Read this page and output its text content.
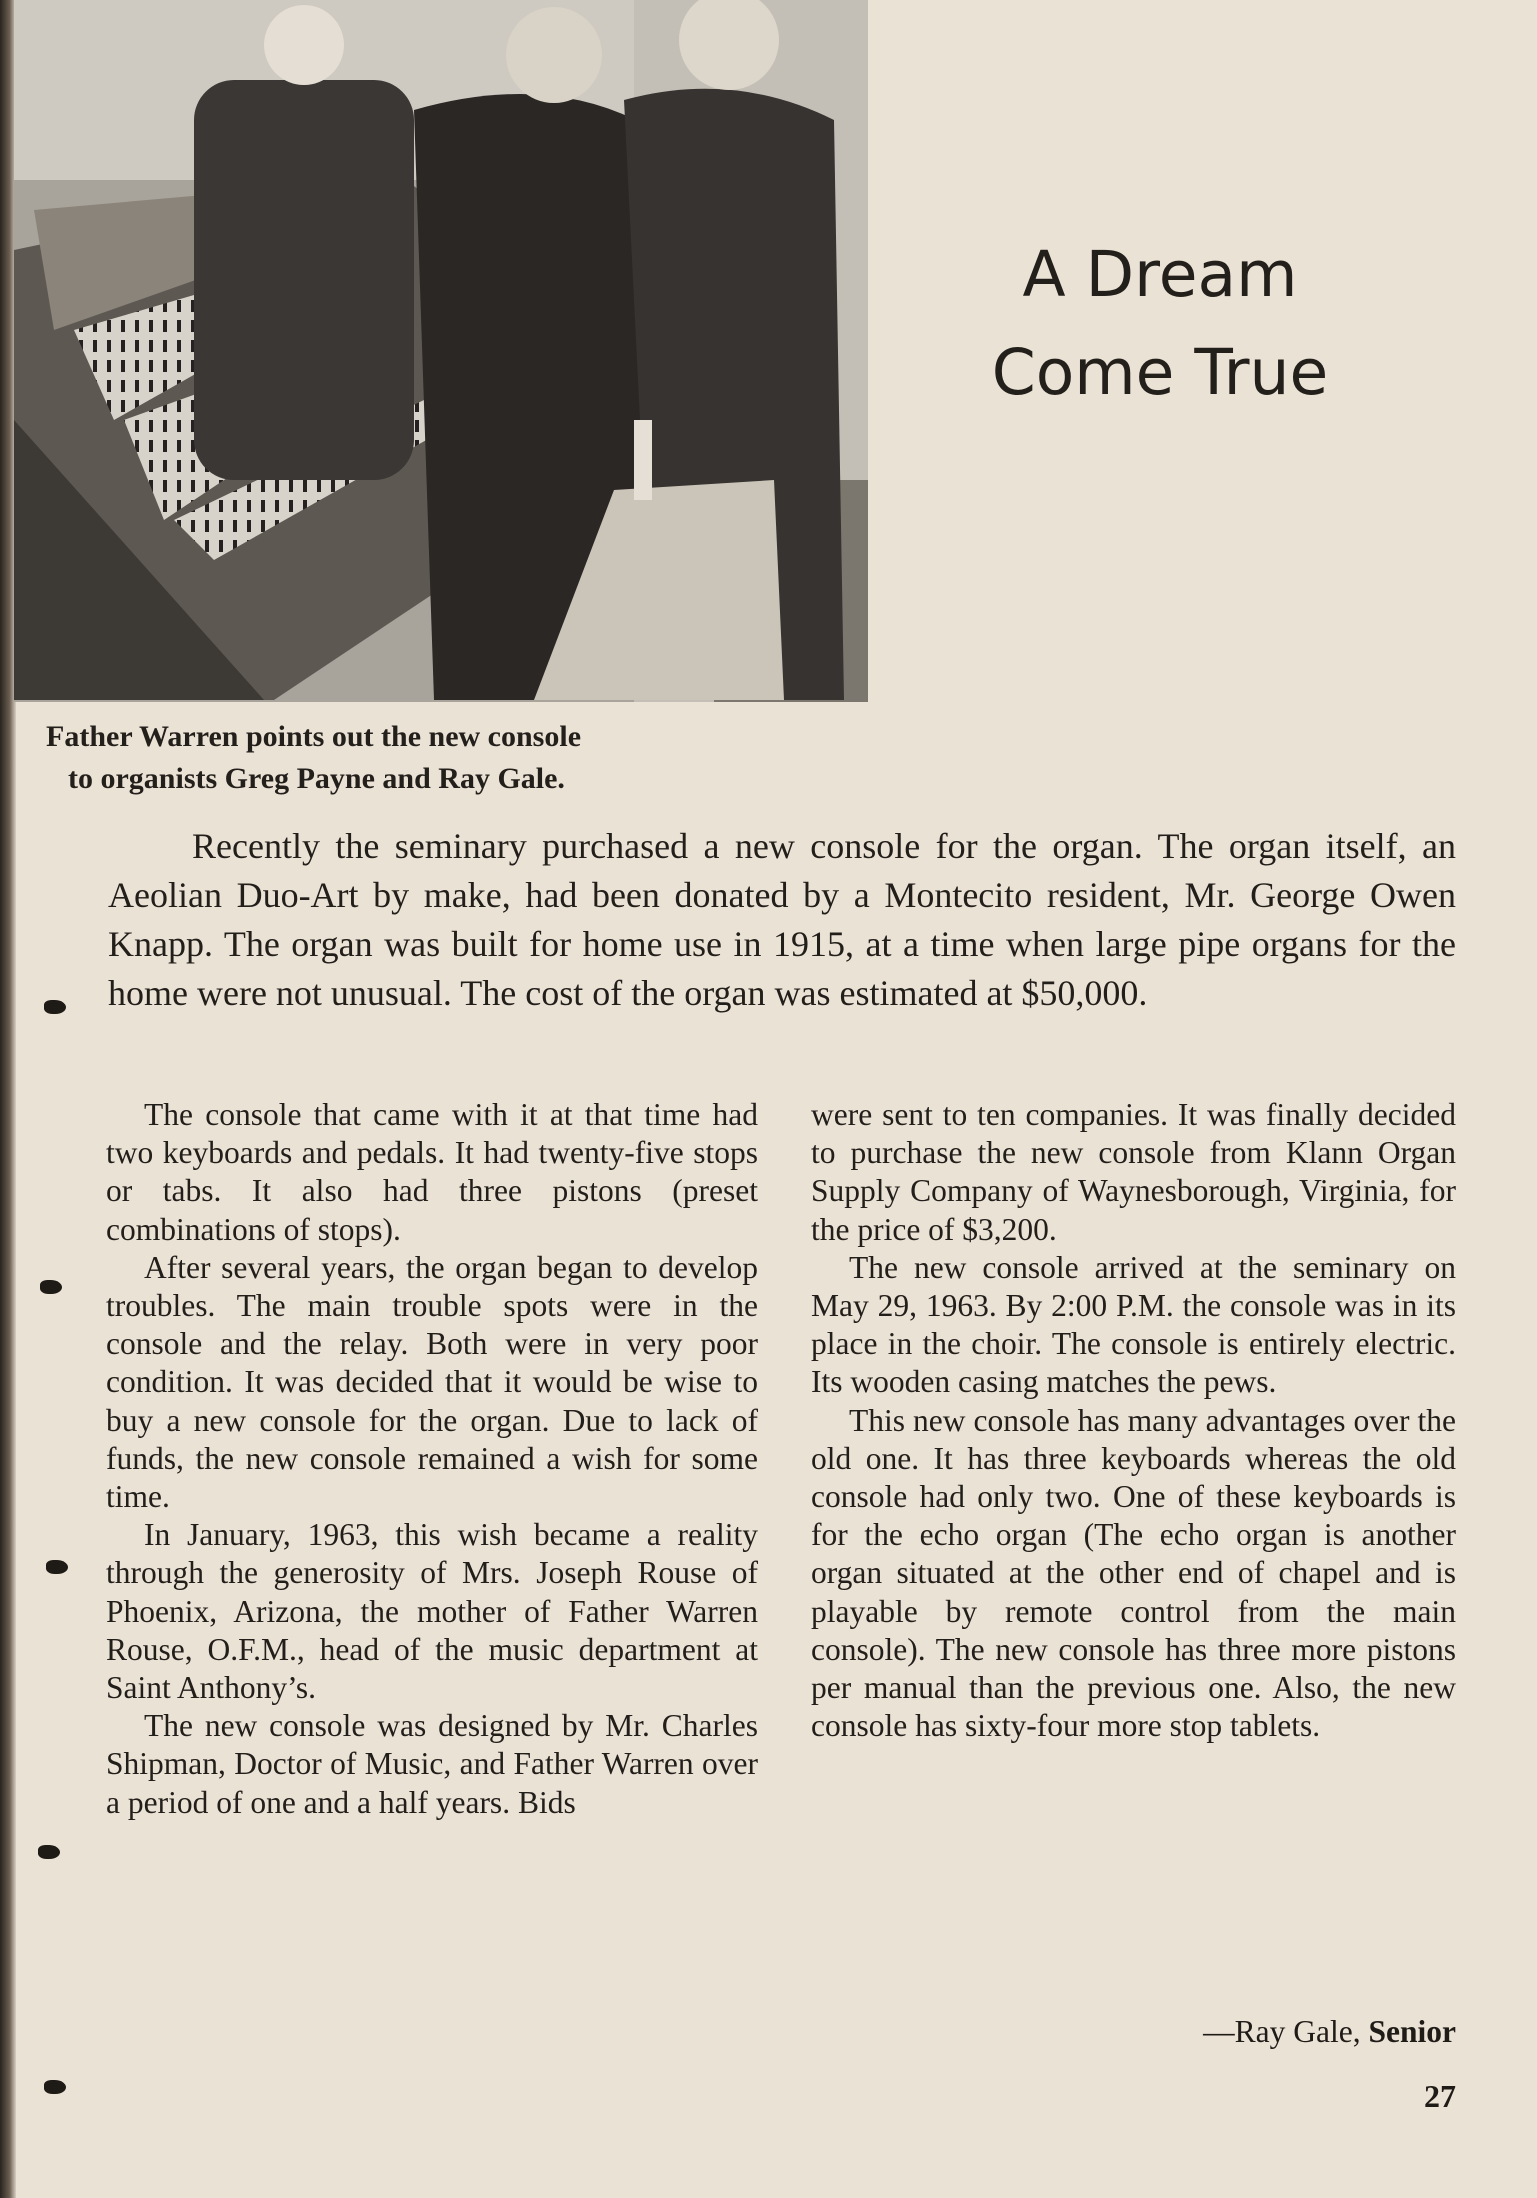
A Dream
Come True
Father Warren points out the new console
to organists Greg Payne and Ray Gale.

Recently the seminary purchased a new console for the organ. The organ itself, an Aeolian Duo-Art by make, had been donated by a Montecito resident, Mr. George Owen Knapp. The organ was built for home use in 1915, at a time when large pipe organs for the home were not unusual. The cost of the organ was estimated at $50,000.

The console that came with it at that time had two keyboards and pedals. It had twenty-five stops or tabs. It also had three pistons (preset combinations of stops).

After several years, the organ began to develop troubles. The main trouble spots were in the console and the relay. Both were in very poor condition. It was decided that it would be wise to buy a new console for the organ. Due to lack of funds, the new console remained a wish for some time.

In January, 1963, this wish became a reality through the generosity of Mrs. Joseph Rouse of Phoenix, Arizona, the mother of Father Warren Rouse, O.F.M., head of the music department at Saint Anthony’s.

The new console was designed by Mr. Charles Shipman, Doctor of Music, and Father Warren over a period of one and a half years. Bids

were sent to ten companies. It was finally decided to purchase the new console from Klann Organ Supply Company of Waynesborough, Virginia, for the price of $3,200.

The new console arrived at the seminary on May 29, 1963. By 2:00 P.M. the console was in its place in the choir. The console is entirely electric. Its wooden casing matches the pews.

This new console has many advantages over the old one. It has three keyboards whereas the old console had only two. One of these keyboards is for the echo organ (The echo organ is another organ situated at the other end of chapel and is playable by remote control from the main console). The new console has three more pistons per manual than the previous one. Also, the new console has sixty-four more stop tablets.

—Ray Gale, Senior
27
